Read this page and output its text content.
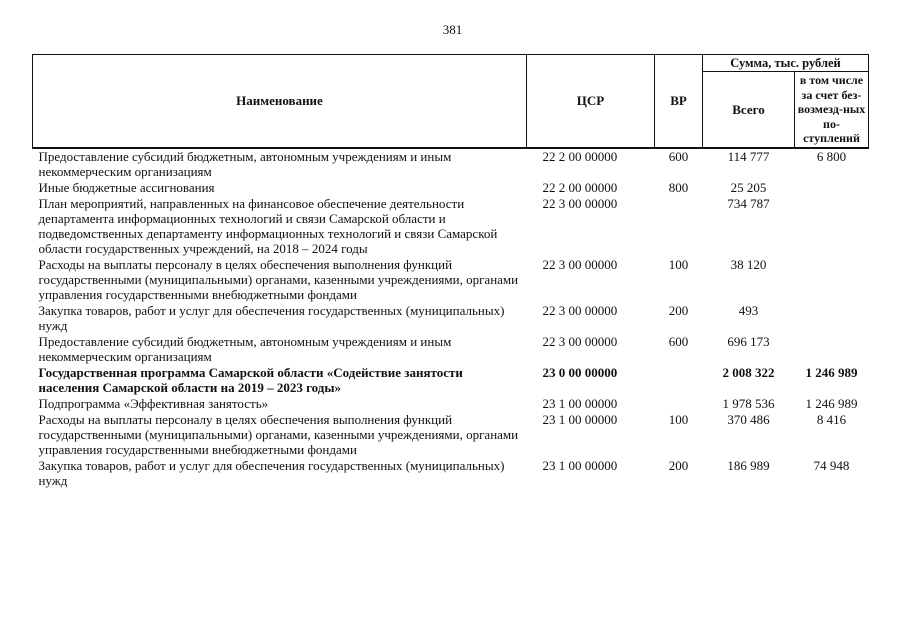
381
Наименование	ЦСР	ВР	Сумма, тыс. рублей	
			Всего	в том числе за счет без-возмезд-ных по-ступлений
Предоставление субсидий бюджетным, автономным учреждениям и иным некоммерческим организациям	22 2 00 00000	600	114 777	6 800
Иные бюджетные ассигнования	22 2 00 00000	800	25 205	
План мероприятий, направленных на финансовое обеспечение деятельности департамента информационных технологий и связи Самарской области и подведомственных департаменту информационных технологий и связи Самарской области государственных учреждений, на 2018 – 2024 годы	22 3 00 00000		734 787	
Расходы на выплаты персоналу в целях обеспечения выполнения функций государственными (муниципальными) органами, казенными учреждениями, органами управления государственными внебюджетными фондами	22 3 00 00000	100	38 120	
Закупка товаров, работ и услуг для обеспечения государственных (муниципальных) нужд	22 3 00 00000	200	493	
Предоставление субсидий бюджетным, автономным учреждениям и иным некоммерческим организациям	22 3 00 00000	600	696 173	
Государственная программа Самарской области «Содействие занятости населения Самарской области на 2019 – 2023 годы»	23 0 00 00000		2 008 322	1 246 989
Подпрограмма «Эффективная занятость»	23 1 00 00000		1 978 536	1 246 989
Расходы на выплаты персоналу в целях обеспечения выполнения функций государственными (муниципальными) органами, казенными учреждениями, органами управления государственными внебюджетными фондами	23 1 00 00000	100	370 486	8 416
Закупка товаров, работ и услуг для обеспечения государственных (муниципальных) нужд	23 1 00 00000	200	186 989	74 948
